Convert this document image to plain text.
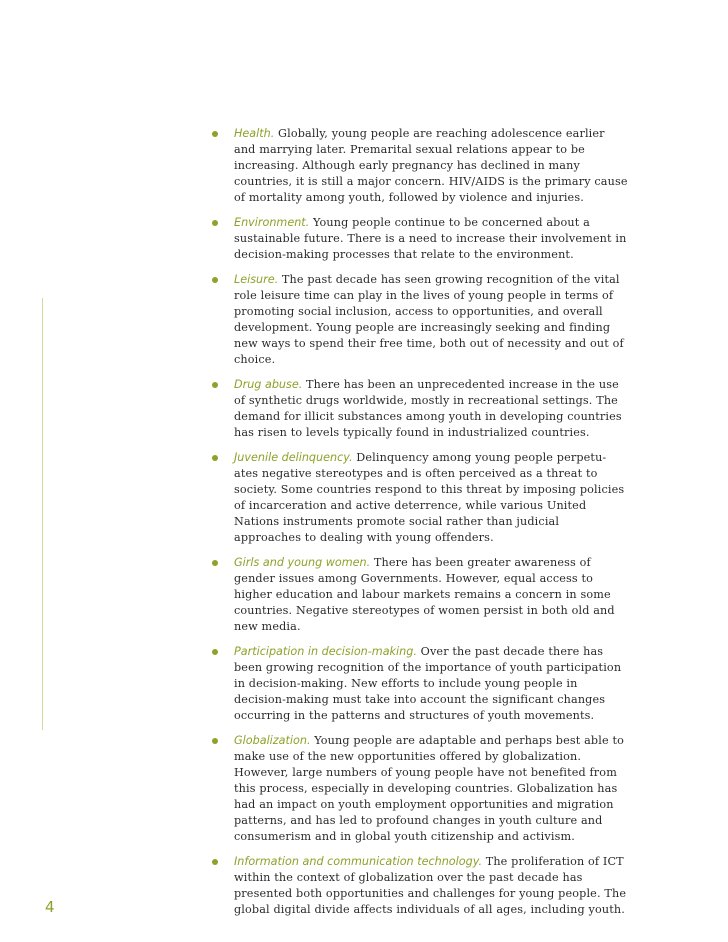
Health. Globally, young people are reaching adolescence earlier and marrying later. Premarital sexual relations appear to be increasing. Although early pregnancy has declined in many countries, it is still a major concern. HIV/AIDS is the primary cause of mortality among youth, followed by violence and injuries.
Environment. Young people continue to be concerned about a sustainable future. There is a need to increase their involvement in decision-making processes that relate to the environment.
Leisure. The past decade has seen growing recognition of the vital role leisure time can play in the lives of young people in terms of promoting social inclusion, access to opportunities, and overall development. Young people are increasingly seeking and finding new ways to spend their free time, both out of necessity and out of choice.
Drug abuse. There has been an unprecedented increase in the use of synthetic drugs worldwide, mostly in recreational settings. The demand for illicit substances among youth in developing countries has risen to levels typically found in industrialized countries.
Juvenile delinquency. Delinquency among young people perpetu-ates negative stereotypes and is often perceived as a threat to society. Some countries respond to this threat by imposing policies of incarceration and active deterrence, while various United Nations instruments promote social rather than judicial approaches to dealing with young offenders.
Girls and young women. There has been greater awareness of gender issues among Governments. However, equal access to higher education and labour markets remains a concern in some countries. Negative stereotypes of women persist in both old and new media.
Participation in decision-making. Over the past decade there has been growing recognition of the importance of youth participation in decision-making. New efforts to include young people in decision-making must take into account the significant changes occurring in the patterns and structures of youth movements.
Globalization. Young people are adaptable and perhaps best able to make use of the new opportunities offered by globalization. However, large numbers of young people have not benefited from this process, especially in developing countries. Globalization has had an impact on youth employment opportunities and migration patterns, and has led to profound changes in youth culture and consumerism and in global youth citizenship and activism.
Information and communication technology. The proliferation of ICT within the context of globalization over the past decade has presented both opportunities and challenges for young people. The global digital divide affects individuals of all ages, including youth.
4
